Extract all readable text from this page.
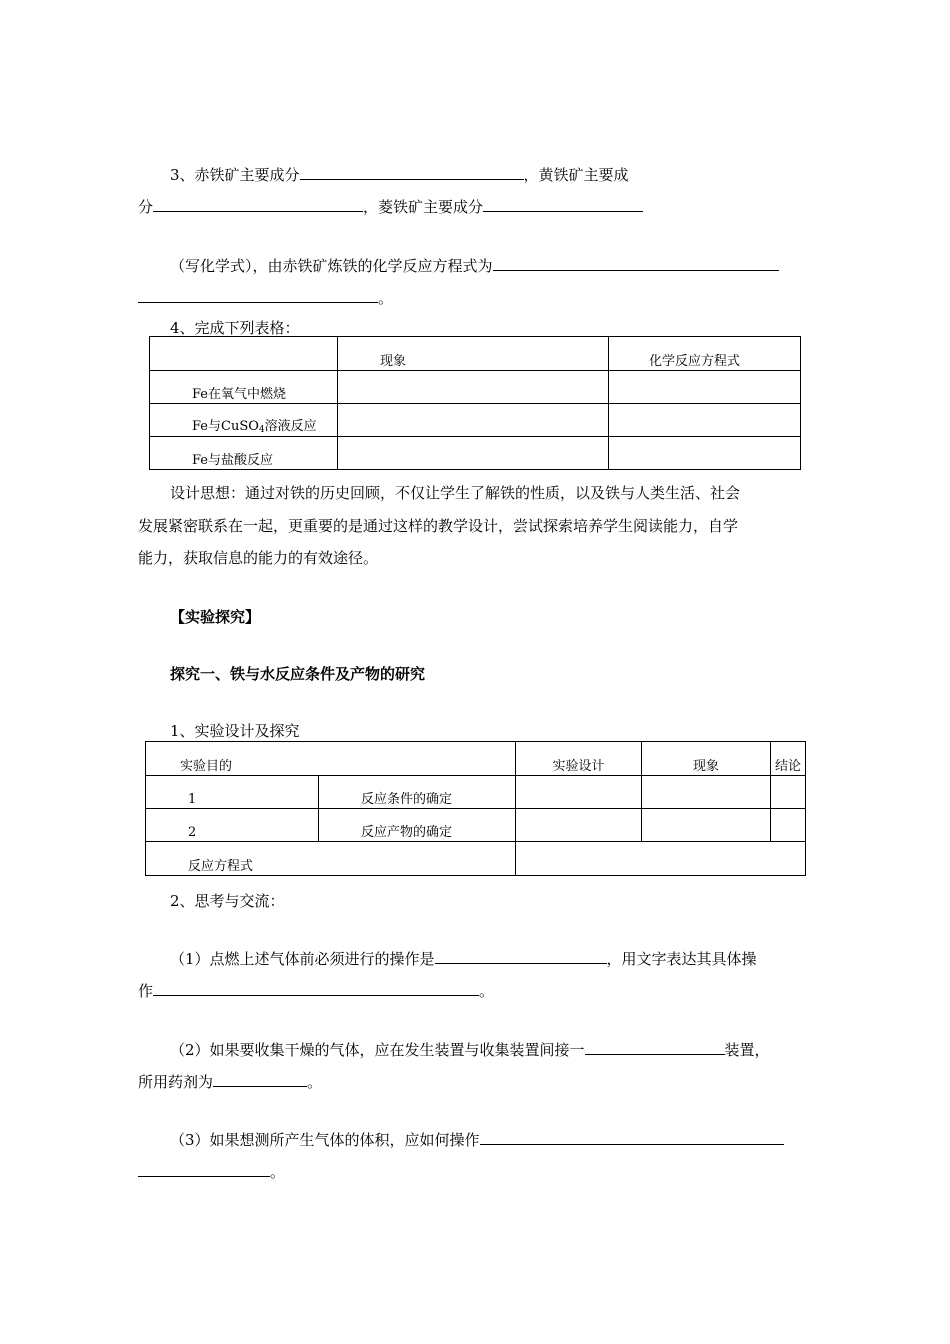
3、赤铁矿主要成分	，黄铁矿主要成
分	，菱铁矿主要成分
（写化学式），由赤铁矿炼铁的化学反应方程式为
。
4、完成下列表格：
	现象	化学反应方程式
Fe在氧气中燃烧		
Fe与CuSO$_4$溶液反应		
Fe与盐酸反应		
设计思想：通过对铁的历史回顾，不仅让学生了解铁的性质，以及铁与人类生活、社会
发展紧密联系在一起，更重要的是通过这样的教学设计，尝试探索培养学生阅读能力，自学
能力，获取信息的能力的有效途径。
【实验探究】
探究一、铁与水反应条件及产物的研究
1、实验设计及探究
实验目的		实验设计	现象	结论
1	反应条件的确定			
2	反应产物的确定			
反应方程式				
2、思考与交流：
（1）点燃上述气体前必须进行的操作是	，用文字表达其具体操
作	。
（2）如果要收集干燥的气体，应在发生装置与收集装置间接一	装置，
所用药剂为	。
（3）如果想测所产生气体的体积，应如何操作
。
